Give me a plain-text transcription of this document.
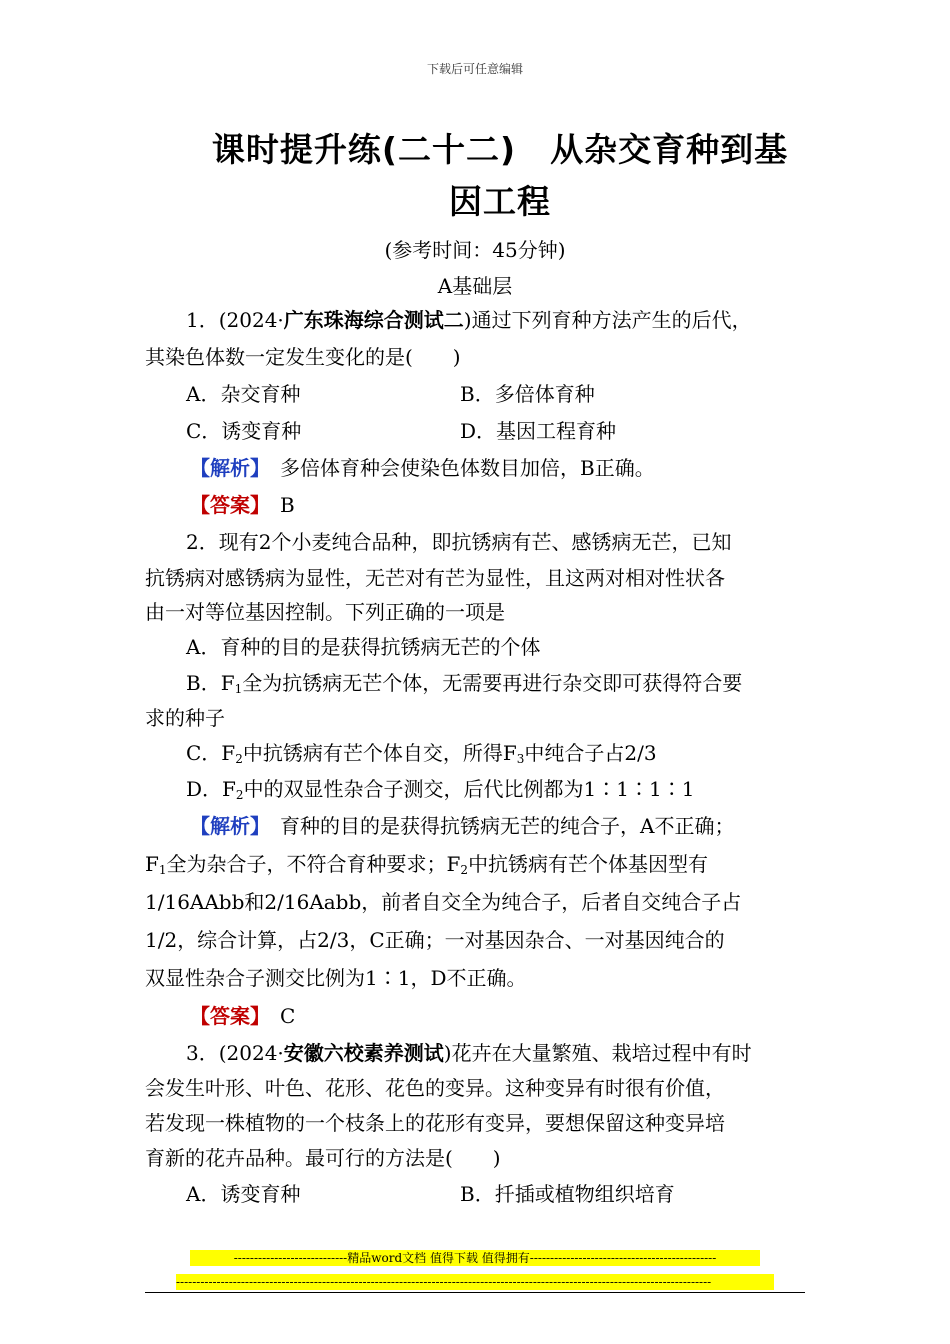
下载后可任意编辑
课时提升练(二十二)　从杂交育种到基
因工程
(参考时间：45分钟)
A基础层
1．(2024·广东珠海综合测试二)通过下列育种方法产生的后代，
其染色体数一定发生变化的是(　　)
A．杂交育种	B．多倍体育种
C．诱变育种	D．基因工程育种
【解析】　多倍体育种会使染色体数目加倍，B正确。
【答案】　B
2．现有2个小麦纯合品种，即抗锈病有芒、感锈病无芒，已知
抗锈病对感锈病为显性，无芒对有芒为显性，且这两对相对性状各
由一对等位基因控制。下列正确的一项是
A．育种的目的是获得抗锈病无芒的个体
B．$F_1$全为抗锈病无芒个体，无需要再进行杂交即可获得符合要
求的种子
C．$F_2$中抗锈病有芒个体自交，所得$F_3$中纯合子占2/3
D．$F_2$中的双显性杂合子测交，后代比例都为1∶1∶1∶1
【解析】　育种的目的是获得抗锈病无芒的纯合子，A不正确；
$F_1$全为杂合子，不符合育种要求；$F_2$中抗锈病有芒个体基因型有
1/16AAbb和2/16Aabb，前者自交全为纯合子，后者自交纯合子占
1/2，综合计算，占2/3，C正确；一对基因杂合、一对基因纯合的
双显性杂合子测交比例为1∶1，D不正确。
【答案】　C
3．(2024·安徽六校素养测试)花卉在大量繁殖、栽培过程中有时
会发生叶形、叶色、花形、花色的变异。这种变异有时很有价值，
若发现一株植物的一个枝条上的花形有变异，要想保留这种变异培
育新的花卉品种。最可行的方法是(　　)
A．诱变育种	B．扦插或植物组织培育
----------------------------精品word文档 值得下载 值得拥有----------------------------------------------
------------------------------------------------------------------------------------------------------------------------------------
